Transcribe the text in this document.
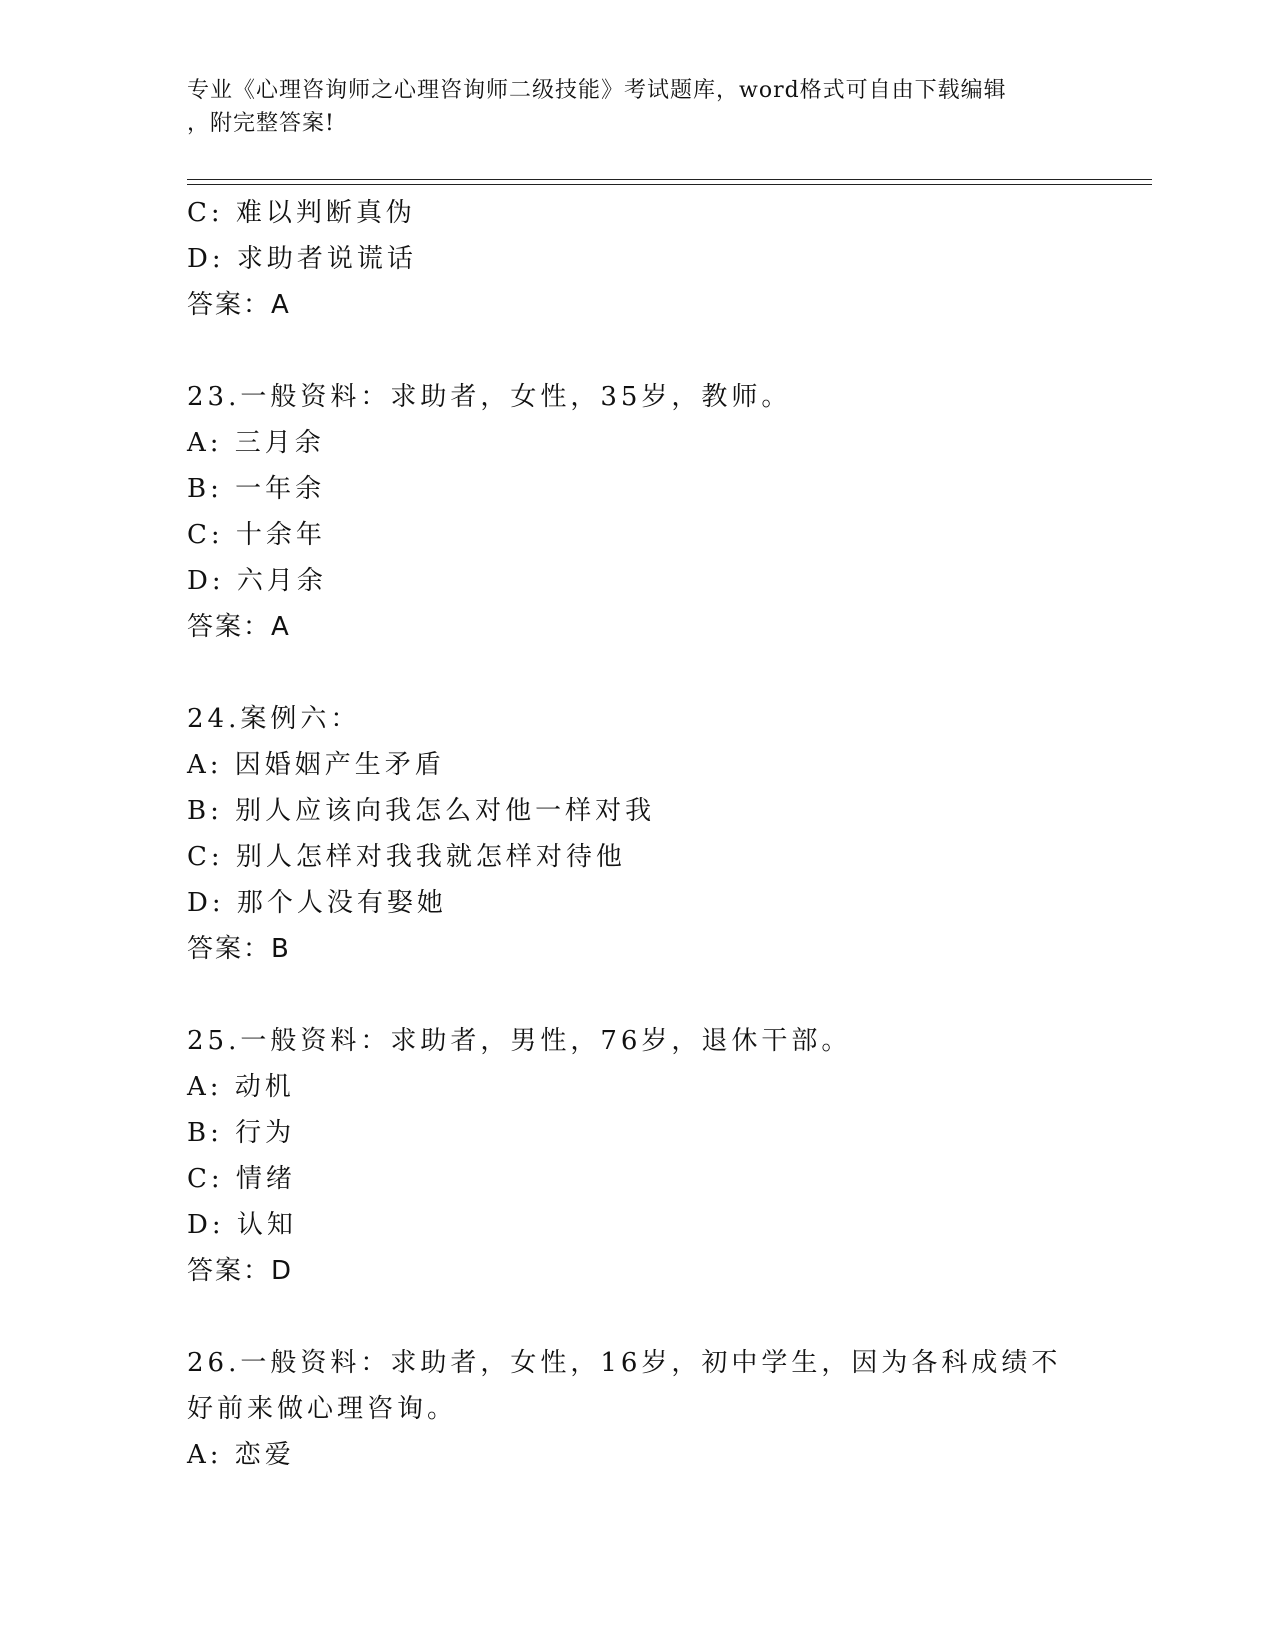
专业《心理咨询师之心理咨询师二级技能》考试题库，word格式可自由下载编辑
，附完整答案!
C: 难以判断真伪
D: 求助者说谎话
答案：A
23.一般资料：求助者，女性，35岁，教师。
A: 三月余
B: 一年余
C: 十余年
D: 六月余
答案：A
24.案例六：
A: 因婚姻产生矛盾
B: 别人应该向我怎么对他一样对我
C: 别人怎样对我我就怎样对待他
D: 那个人没有娶她
答案：B
25.一般资料：求助者，男性，76岁，退休干部。
A: 动机
B: 行为
C: 情绪
D: 认知
答案：D
26.一般资料：求助者，女性，16岁，初中学生，因为各科成绩不好前来做心理咨询。
A: 恋爱
